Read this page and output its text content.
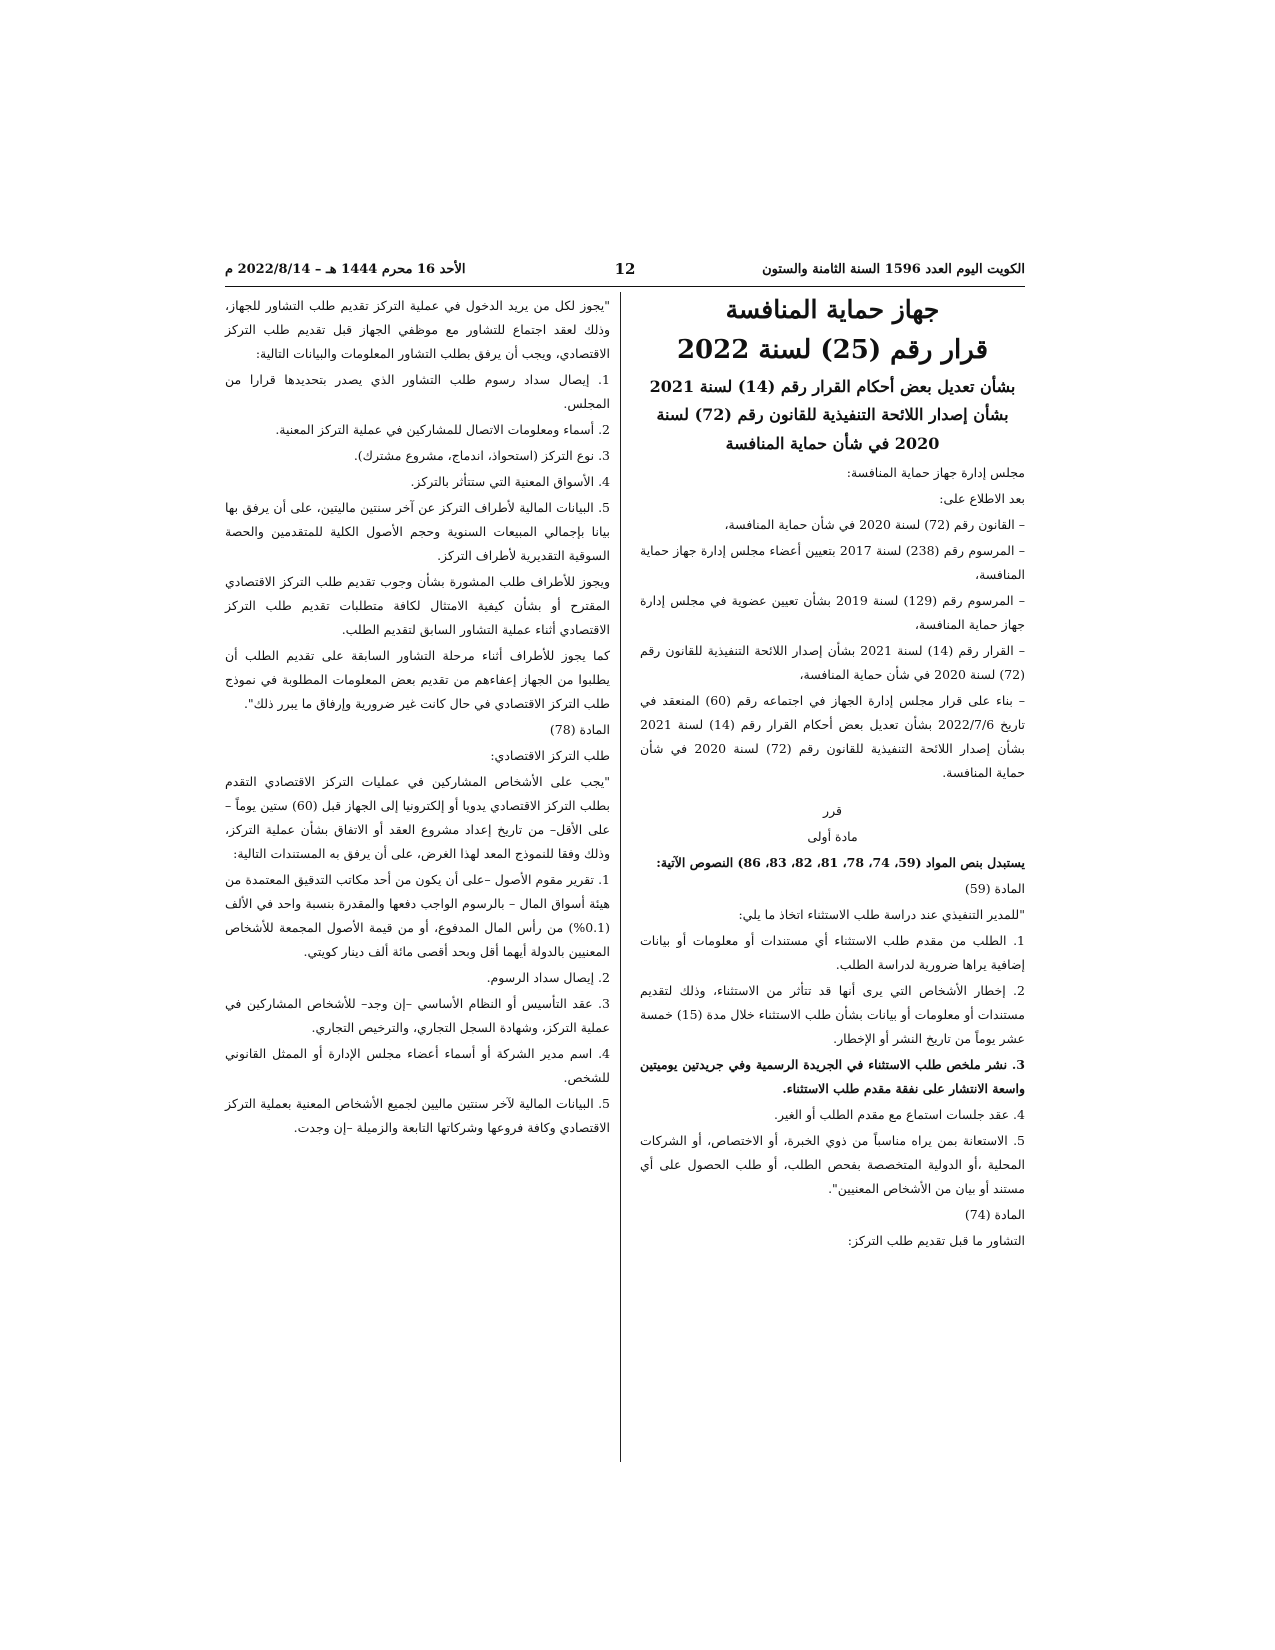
الكويت اليوم العدد 1596 السنة الثامنة والستون
12
الأحد 16 محرم 1444 هـ – 2022/8/14 م

جهاز حماية المنافسة

قرار رقم (25) لسنة 2022

بشأن تعديل بعض أحكام القرار رقم (14) لسنة 2021 بشأن إصدار اللائحة التنفيذية للقانون رقم (72) لسنة 2020 في شأن حماية المنافسة

مجلس إدارة جهاز حماية المنافسة:

بعد الاطلاع على:

– القانون رقم (72) لسنة 2020 في شأن حماية المنافسة،

– المرسوم رقم (238) لسنة 2017 بتعيين أعضاء مجلس إدارة جهاز حماية المنافسة،

– المرسوم رقم (129) لسنة 2019 بشأن تعيين عضوية في مجلس إدارة جهاز حماية المنافسة،

– القرار رقم (14) لسنة 2021 بشأن إصدار اللائحة التنفيذية للقانون رقم (72) لسنة 2020 في شأن حماية المنافسة،

– بناء على قرار مجلس إدارة الجهاز في اجتماعه رقم (60) المنعقد في تاريخ 2022/7/6 بشأن تعديل بعض أحكام القرار رقم (14) لسنة 2021 بشأن إصدار اللائحة التنفيذية للقانون رقم (72) لسنة 2020 في شأن حماية المنافسة.

قرر

مادة أولى

يستبدل بنص المواد (59، 74، 78، 81، 82، 83، 86) النصوص الآتية:

المادة (59)

"للمدير التنفيذي عند دراسة طلب الاستثناء اتخاذ ما يلي:

1. الطلب من مقدم طلب الاستثناء أي مستندات أو معلومات أو بيانات إضافية يراها ضرورية لدراسة الطلب.

2. إخطار الأشخاص التي يرى أنها قد تتأثر من الاستثناء، وذلك لتقديم مستندات أو معلومات أو بيانات بشأن طلب الاستثناء خلال مدة (15) خمسة عشر يوماً من تاريخ النشر أو الإخطار.

3. نشر ملخص طلب الاستثناء في الجريدة الرسمية وفي جريدتين يوميتين واسعة الانتشار على نفقة مقدم طلب الاستثناء.

4. عقد جلسات استماع مع مقدم الطلب أو الغير.

5. الاستعانة بمن يراه مناسباً من ذوي الخبرة، أو الاختصاص، أو الشركات المحلية ،أو الدولية المتخصصة بفحص الطلب، أو طلب الحصول على أي مستند أو بيان من الأشخاص المعنيين".

المادة (74)

التشاور ما قبل تقديم طلب التركز:

"يجوز لكل من يريد الدخول في عملية التركز تقديم طلب التشاور للجهاز، وذلك لعقد اجتماع للتشاور مع موظفي الجهاز قبل تقديم طلب التركز الاقتصادي، ويجب أن يرفق بطلب التشاور المعلومات والبيانات التالية:

1. إيصال سداد رسوم طلب التشاور الذي يصدر بتحديدها قرارا من المجلس.

2. أسماء ومعلومات الاتصال للمشاركين في عملية التركز المعنية.

3. نوع التركز (استحواذ، اندماج، مشروع مشترك).

4. الأسواق المعنية التي ستتأثر بالتركز.

5. البيانات المالية لأطراف التركز عن آخر سنتين ماليتين، على أن يرفق بها بيانا بإجمالي المبيعات السنوية وحجم الأصول الكلية للمتقدمين والحصة السوقية التقديرية لأطراف التركز.

ويجوز للأطراف طلب المشورة بشأن وجوب تقديم طلب التركز الاقتصادي المقترح أو بشأن كيفية الامتثال لكافة متطلبات تقديم طلب التركز الاقتصادي أثناء عملية التشاور السابق لتقديم الطلب.

كما يجوز للأطراف أثناء مرحلة التشاور السابقة على تقديم الطلب أن يطلبوا من الجهاز إعفاءهم من تقديم بعض المعلومات المطلوبة في نموذج طلب التركز الاقتصادي في حال كانت غير ضرورية وإرفاق ما يبرر ذلك".

المادة (78)

طلب التركز الاقتصادي:

"يجب على الأشخاص المشاركين في عمليات التركز الاقتصادي التقدم بطلب التركز الاقتصادي يدويا أو إلكترونيا إلى الجهاز قبل (60) ستين يوماً –على الأقل– من تاريخ إعداد مشروع العقد أو الاتفاق بشأن عملية التركز، وذلك وفقا للنموذج المعد لهذا الغرض، على أن يرفق به المستندات التالية:

1. تقرير مقوم الأصول –على أن يكون من أحد مكاتب التدقيق المعتمدة من هيئة أسواق المال – بالرسوم الواجب دفعها والمقدرة بنسبة واحد في الألف (0.1%) من رأس المال المدفوع، أو من قيمة الأصول المجمعة للأشخاص المعنيين بالدولة أيهما أقل وبحد أقصى مائة ألف دينار كويتي.

2. إيصال سداد الرسوم.

3. عقد التأسيس أو النظام الأساسي –إن وجد– للأشخاص المشاركين في عملية التركز، وشهادة السجل التجاري، والترخيص التجاري.

4. اسم مدير الشركة أو أسماء أعضاء مجلس الإدارة أو الممثل القانوني للشخص.

5. البيانات المالية لآخر سنتين ماليين لجميع الأشخاص المعنية بعملية التركز الاقتصادي وكافة فروعها وشركاتها التابعة والزميلة –إن وجدت.
